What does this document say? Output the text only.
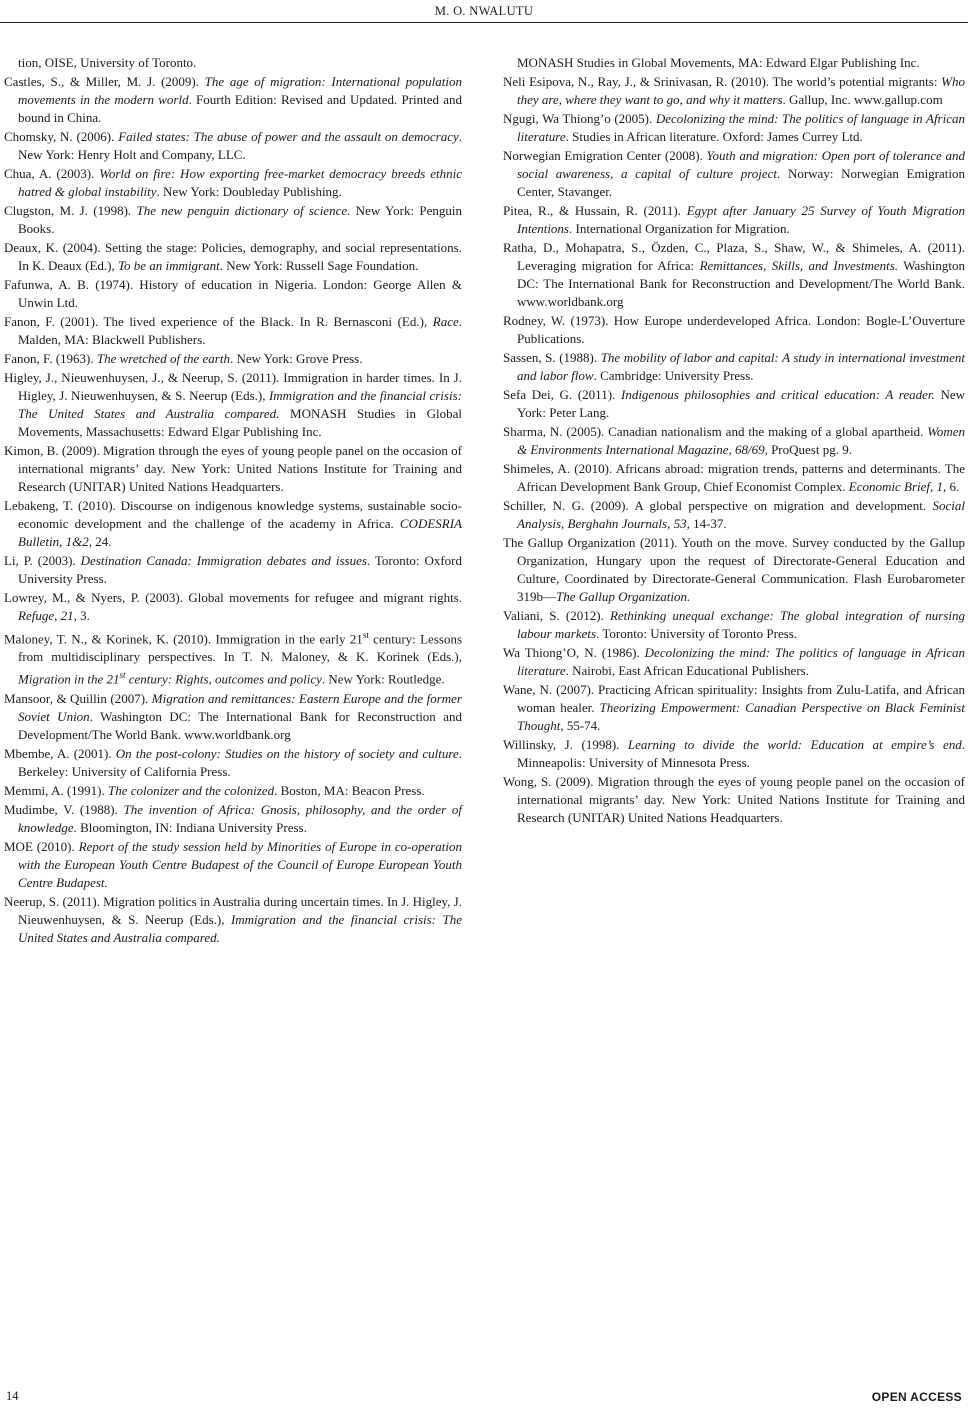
M. O. NWALUTU

tion, OISE, University of Toronto.

Castles, S., & Miller, M. J. (2009). The age of migration: International population movements in the modern world. Fourth Edition: Revised and Updated. Printed and bound in China.

Chomsky, N. (2006). Failed states: The abuse of power and the assault on democracy. New York: Henry Holt and Company, LLC.

Chua, A. (2003). World on fire: How exporting free-market democracy breeds ethnic hatred & global instability. New York: Doubleday Publishing.

Clugston, M. J. (1998). The new penguin dictionary of science. New York: Penguin Books.

Deaux, K. (2004). Setting the stage: Policies, demography, and social representations. In K. Deaux (Ed.), To be an immigrant. New York: Russell Sage Foundation.

Fafunwa, A. B. (1974). History of education in Nigeria. London: George Allen & Unwin Ltd.

Fanon, F. (2001). The lived experience of the Black. In R. Bernasconi (Ed.), Race. Malden, MA: Blackwell Publishers.

Fanon, F. (1963). The wretched of the earth. New York: Grove Press.

Higley, J., Nieuwenhuysen, J., & Neerup, S. (2011). Immigration in harder times. In J. Higley, J. Nieuwenhuysen, & S. Neerup (Eds.), Immigration and the financial crisis: The United States and Australia compared. MONASH Studies in Global Movements, Massachusetts: Edward Elgar Publishing Inc.

Kimon, B. (2009). Migration through the eyes of young people panel on the occasion of international migrants’ day. New York: United Nations Institute for Training and Research (UNITAR) United Nations Headquarters.

Lebakeng, T. (2010). Discourse on indigenous knowledge systems, sustainable socio-economic development and the challenge of the academy in Africa. CODESRIA Bulletin, 1&2, 24.

Li, P. (2003). Destination Canada: Immigration debates and issues. Toronto: Oxford University Press.

Lowrey, M., & Nyers, P. (2003). Global movements for refugee and migrant rights. Refuge, 21, 3.

Maloney, T. N., & Korinek, K. (2010). Immigration in the early 21st century: Lessons from multidisciplinary perspectives. In T. N. Maloney, & K. Korinek (Eds.), Migration in the 21st century: Rights, outcomes and policy. New York: Routledge.

Mansoor, & Quillin (2007). Migration and remittances: Eastern Europe and the former Soviet Union. Washington DC: The International Bank for Reconstruction and Development/The World Bank. www.worldbank.org

Mbembe, A. (2001). On the post-colony: Studies on the history of society and culture. Berkeley: University of California Press.

Memmi, A. (1991). The colonizer and the colonized. Boston, MA: Beacon Press.

Mudimbe, V. (1988). The invention of Africa: Gnosis, philosophy, and the order of knowledge. Bloomington, IN: Indiana University Press.

MOE (2010). Report of the study session held by Minorities of Europe in co-operation with the European Youth Centre Budapest of the Council of Europe European Youth Centre Budapest.

Neerup, S. (2011). Migration politics in Australia during uncertain times. In J. Higley, J. Nieuwenhuysen, & S. Neerup (Eds.), Immigration and the financial crisis: The United States and Australia compared.

MONASH Studies in Global Movements, MA: Edward Elgar Publishing Inc.

Neli Esipova, N., Ray, J., & Srinivasan, R. (2010). The world’s potential migrants: Who they are, where they want to go, and why it matters. Gallup, Inc. www.gallup.com

Ngugi, Wa Thiong’o (2005). Decolonizing the mind: The politics of language in African literature. Studies in African literature. Oxford: James Currey Ltd.

Norwegian Emigration Center (2008). Youth and migration: Open port of tolerance and social awareness, a capital of culture project. Norway: Norwegian Emigration Center, Stavanger.

Pitea, R., & Hussain, R. (2011). Egypt after January 25 Survey of Youth Migration Intentions. International Organization for Migration.

Ratha, D., Mohapatra, S., Özden, C., Plaza, S., Shaw, W., & Shimeles, A. (2011). Leveraging migration for Africa: Remittances, Skills, and Investments. Washington DC: The International Bank for Reconstruction and Development/The World Bank. www.worldbank.org

Rodney, W. (1973). How Europe underdeveloped Africa. London: Bogle-L’Ouverture Publications.

Sassen, S. (1988). The mobility of labor and capital: A study in international investment and labor flow. Cambridge: University Press.

Sefa Dei, G. (2011). Indigenous philosophies and critical education: A reader. New York: Peter Lang.

Sharma, N. (2005). Canadian nationalism and the making of a global apartheid. Women & Environments International Magazine, 68/69, ProQuest pg. 9.

Shimeles, A. (2010). Africans abroad: migration trends, patterns and determinants. The African Development Bank Group, Chief Economist Complex. Economic Brief, 1, 6.

Schiller, N. G. (2009). A global perspective on migration and development. Social Analysis, Berghahn Journals, 53, 14-37.

The Gallup Organization (2011). Youth on the move. Survey conducted by the Gallup Organization, Hungary upon the request of Directorate-General Education and Culture, Coordinated by Directorate-General Communication. Flash Eurobarometer 319b—The Gallup Organization.

Valiani, S. (2012). Rethinking unequal exchange: The global integration of nursing labour markets. Toronto: University of Toronto Press.

Wa Thiong’O, N. (1986). Decolonizing the mind: The politics of language in African literature. Nairobi, East African Educational Publishers.

Wane, N. (2007). Practicing African spirituality: Insights from Zulu-Latifa, and African woman healer. Theorizing Empowerment: Canadian Perspective on Black Feminist Thought, 55-74.

Willinsky, J. (1998). Learning to divide the world: Education at empire’s end. Minneapolis: University of Minnesota Press.

Wong, S. (2009). Migration through the eyes of young people panel on the occasion of international migrants’ day. New York: United Nations Institute for Training and Research (UNITAR) United Nations Headquarters.

14	OPEN ACCESS
